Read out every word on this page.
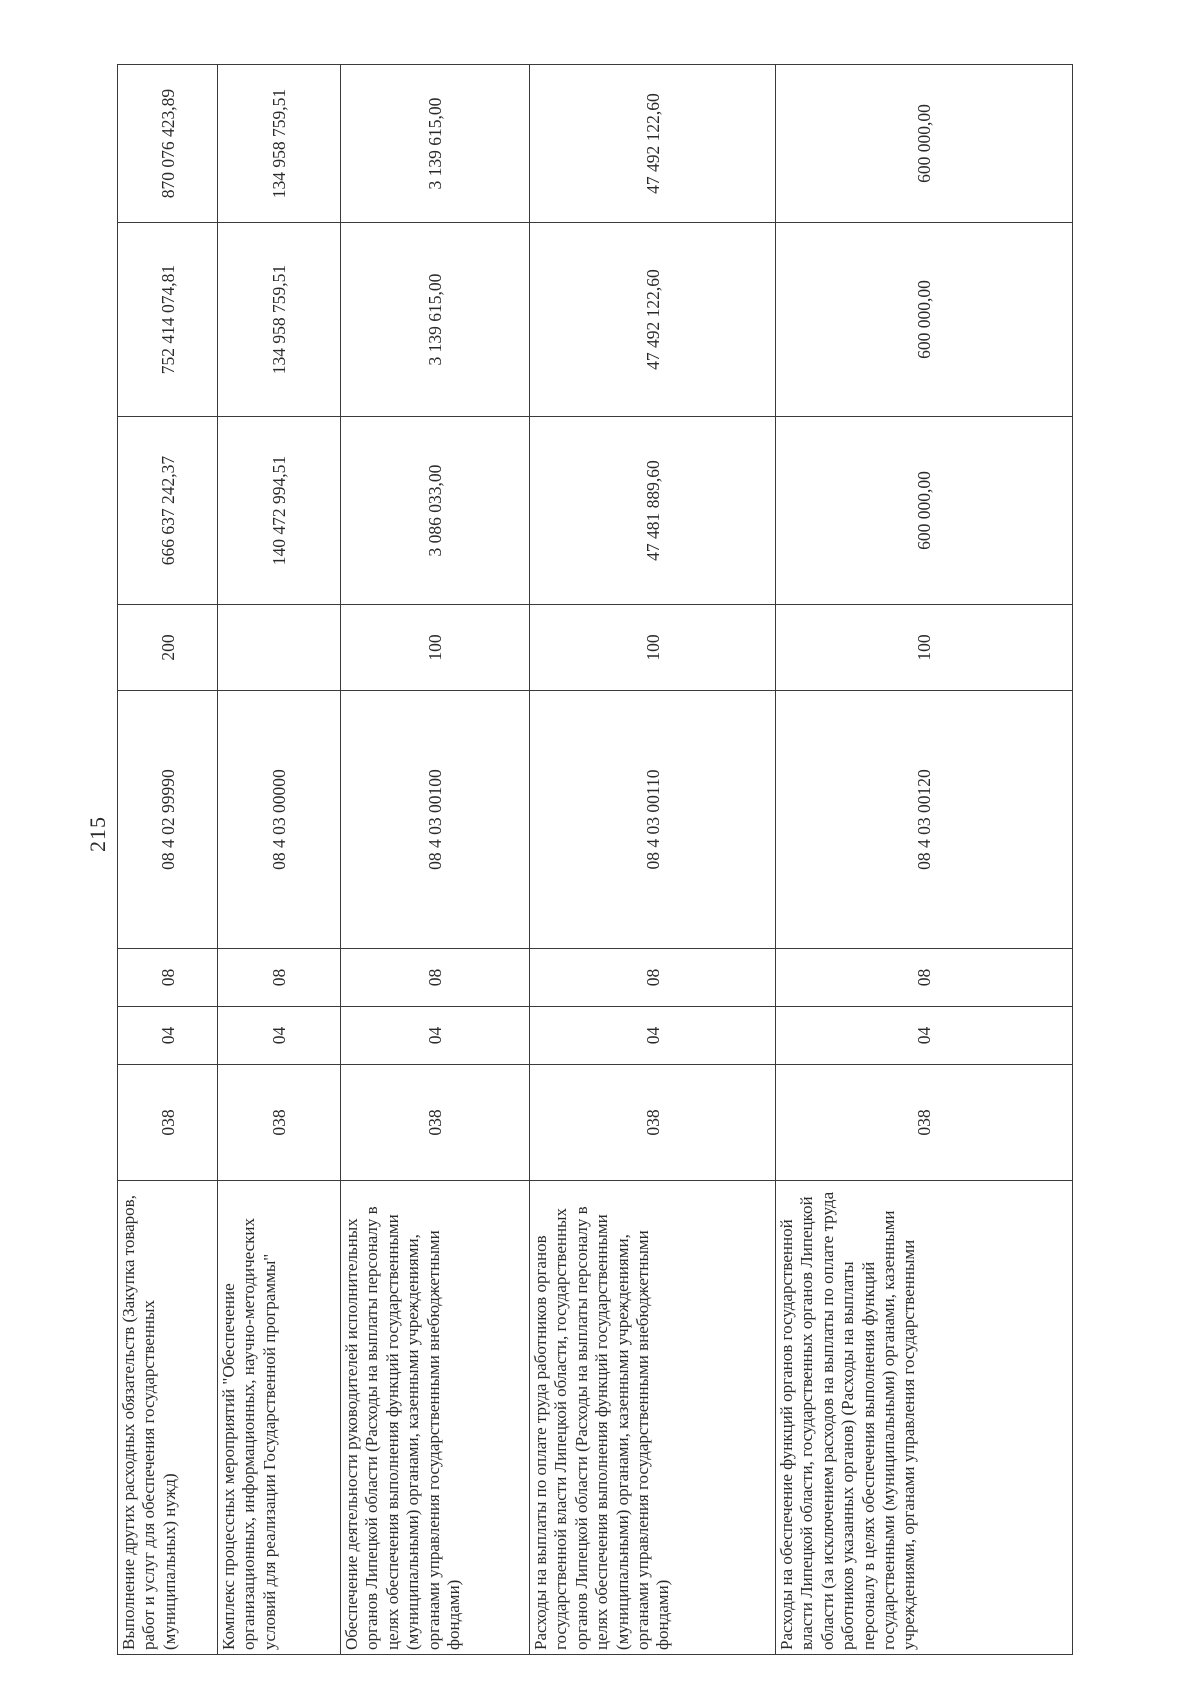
215
Выполнение других расходных обязательств (Закупка товаров, работ и услуг для обеспечения государственных (муниципальных) нужд)	038	04	08	08 4 02 99990	200	666 637 242,37	752 414 074,81	870 076 423,89
Комплекс процессных мероприятий "Обеспечение организационных, информационных, научно-методических условий для реализации Государственной программы"	038	04	08	08 4 03 00000		140 472 994,51	134 958 759,51	134 958 759,51
Обеспечение деятельности руководителей исполнительных органов Липецкой области (Расходы на выплаты персоналу в целях обеспечения выполнения функций государственными (муниципальными) органами, казенными учреждениями, органами управления государственными внебюджетными фондами)	038	04	08	08 4 03 00100	100	3 086 033,00	3 139 615,00	3 139 615,00
Расходы на выплаты по оплате труда работников органов государственной власти Липецкой области, государственных органов Липецкой области (Расходы на выплаты персоналу в целях обеспечения выполнения функций государственными (муниципальными) органами, казенными учреждениями, органами управления государственными внебюджетными фондами)	038	04	08	08 4 03 00110	100	47 481 889,60	47 492 122,60	47 492 122,60
Расходы на обеспечение функций органов государственной власти Липецкой области, государственных органов Липецкой области (за исключением расходов на выплаты по оплате труда работников указанных органов) (Расходы на выплаты персоналу в целях обеспечения выполнения функций государственными (муниципальными) органами, казенными учреждениями, органами управления государственными	038	04	08	08 4 03 00120	100	600 000,00	600 000,00	600 000,00
